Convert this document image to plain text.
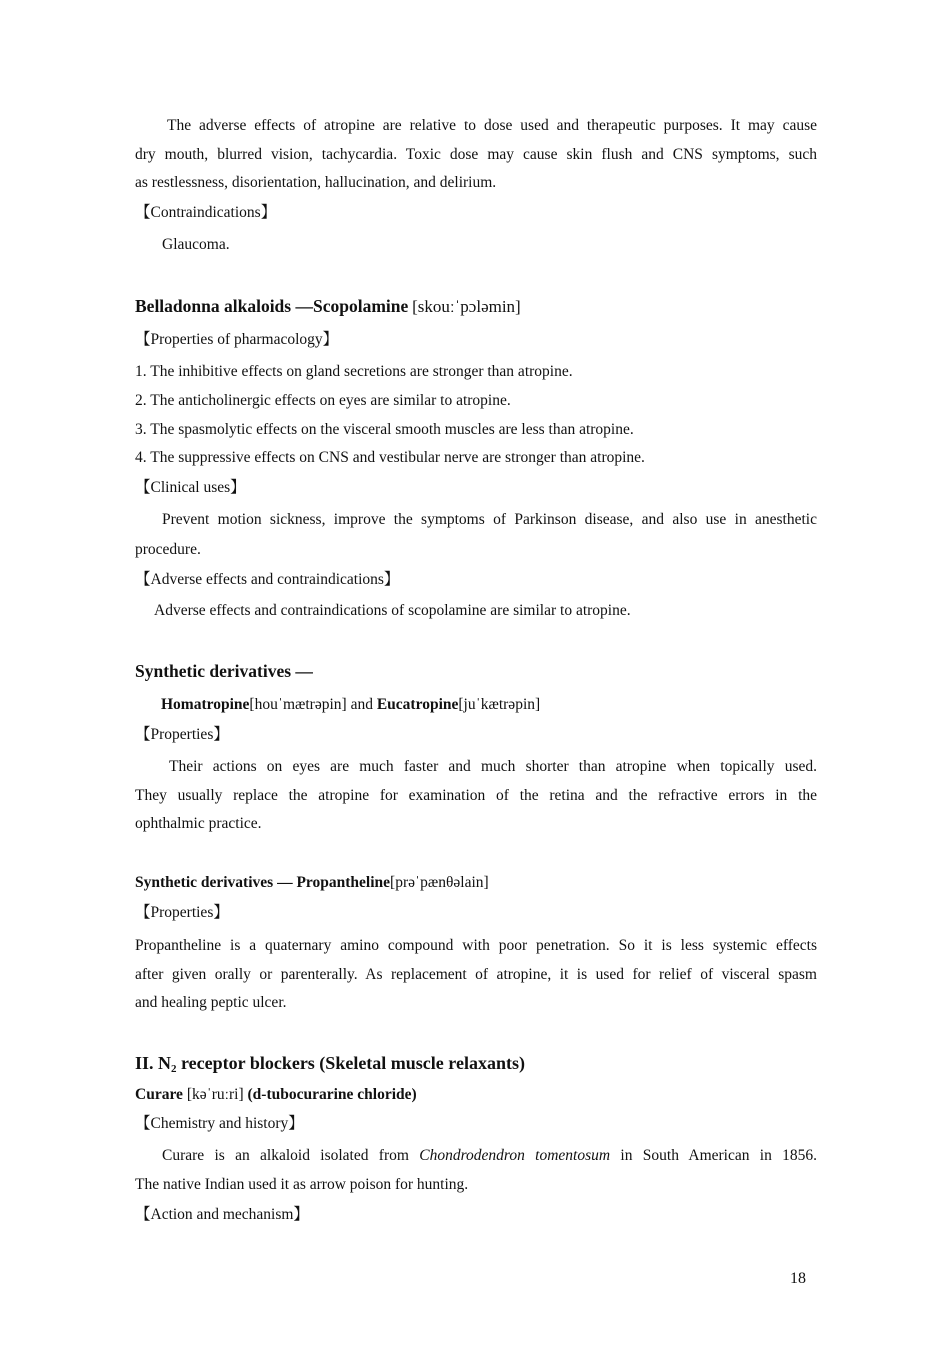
The adverse effects of atropine are relative to dose used and therapeutic purposes. It may cause
dry mouth, blurred vision, tachycardia. Toxic dose may cause skin flush and CNS symptoms, such
as restlessness, disorientation, hallucination, and delirium.
【Contraindications】
Glaucoma.
Belladonna alkaloids —Scopolamine [skouːˈpɔləmin]
【Properties of pharmacology】
1. The inhibitive effects on gland secretions are stronger than atropine.
2. The anticholinergic effects on eyes are similar to atropine.
3. The spasmolytic effects on the visceral smooth muscles are less than atropine.
4. The suppressive effects on CNS and vestibular nerve are stronger than atropine.
【Clinical uses】
Prevent motion sickness, improve the symptoms of Parkinson disease, and also use in anesthetic
procedure.
【Adverse effects and contraindications】
Adverse effects and contraindications of scopolamine are similar to atropine.
Synthetic derivatives —
Homatropine[houˈmætrəpin] and Eucatropine[juˈkætrəpin]
【Properties】
Their actions on eyes are much faster and much shorter than atropine when topically used.
They usually replace the atropine for examination of the retina and the refractive errors in the
ophthalmic practice.
Synthetic derivatives — Propantheline[prəˈpænθəlain]
【Properties】
Propantheline is a quaternary amino compound with poor penetration. So it is less systemic effects
after given orally or parenterally. As replacement of atropine, it is used for relief of visceral spasm
and healing peptic ulcer.
II. $N_2$ receptor blockers (Skeletal muscle relaxants)
Curare [kəˈruːri] (d-tubocurarine chloride)
【Chemistry and history】
Curare is an alkaloid isolated from Chondrodendron tomentosum in South American in 1856.
The native Indian used it as arrow poison for hunting.
【Action and mechanism】
18
